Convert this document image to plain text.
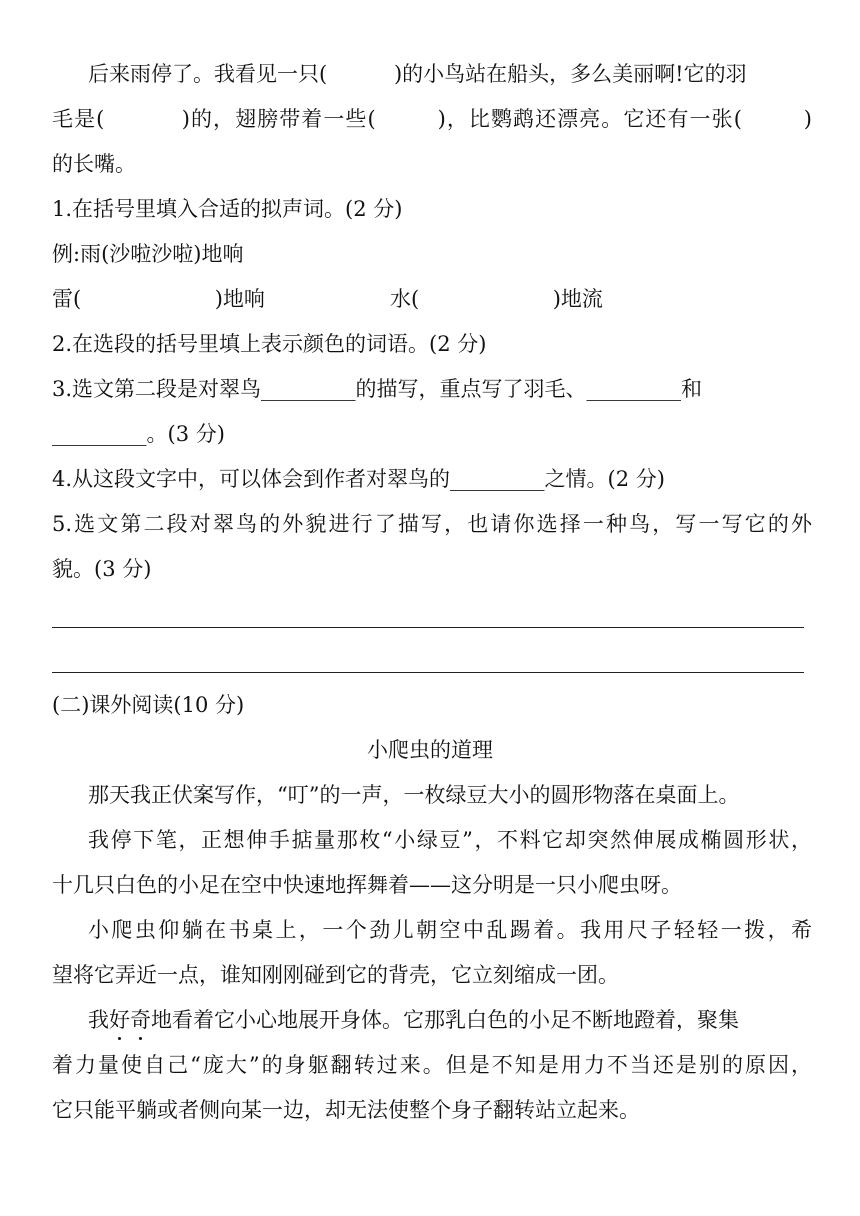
后来雨停了。我看见一只(          )的小鸟站在船头，多么美丽啊!它的羽
毛是(          )的，翅膀带着一些(        )，比鹦鹉还漂亮。它还有一张(        )
的长嘴。
1.在括号里填入合适的拟声词。(2 分)
例:雨(沙啦沙啦)地响
雷(                    )地响	水(                    )地流
2.在选段的括号里填上表示颜色的词语。(2 分)
3.选文第二段是对翠鸟_________的描写，重点写了羽毛、_________和
_________。(3 分)
4.从这段文字中，可以体会到作者对翠鸟的_________之情。(2 分)
5.选文第二段对翠鸟的外貌进行了描写，也请你选择一种鸟，写一写它的外
貌。(3 分)
(二)课外阅读(10 分)
小爬虫的道理
那天我正伏案写作，“叮”的一声，一枚绿豆大小的圆形物落在桌面上。
我停下笔，正想伸手掂量那枚“小绿豆”，不料它却突然伸展成椭圆形状，
十几只白色的小足在空中快速地挥舞着——这分明是一只小爬虫呀。
小爬虫仰躺在书桌上，一个劲儿朝空中乱踢着。我用尺子轻轻一拨，希
望将它弄近一点，谁知刚刚碰到它的背壳，它立刻缩成一团。
我好奇地看着它小心地展开身体。它那乳白色的小足不断地蹬着，聚集
着力量使自己“庞大”的身躯翻转过来。但是不知是用力不当还是别的原因，
它只能平躺或者侧向某一边，却无法使整个身子翻转站立起来。
